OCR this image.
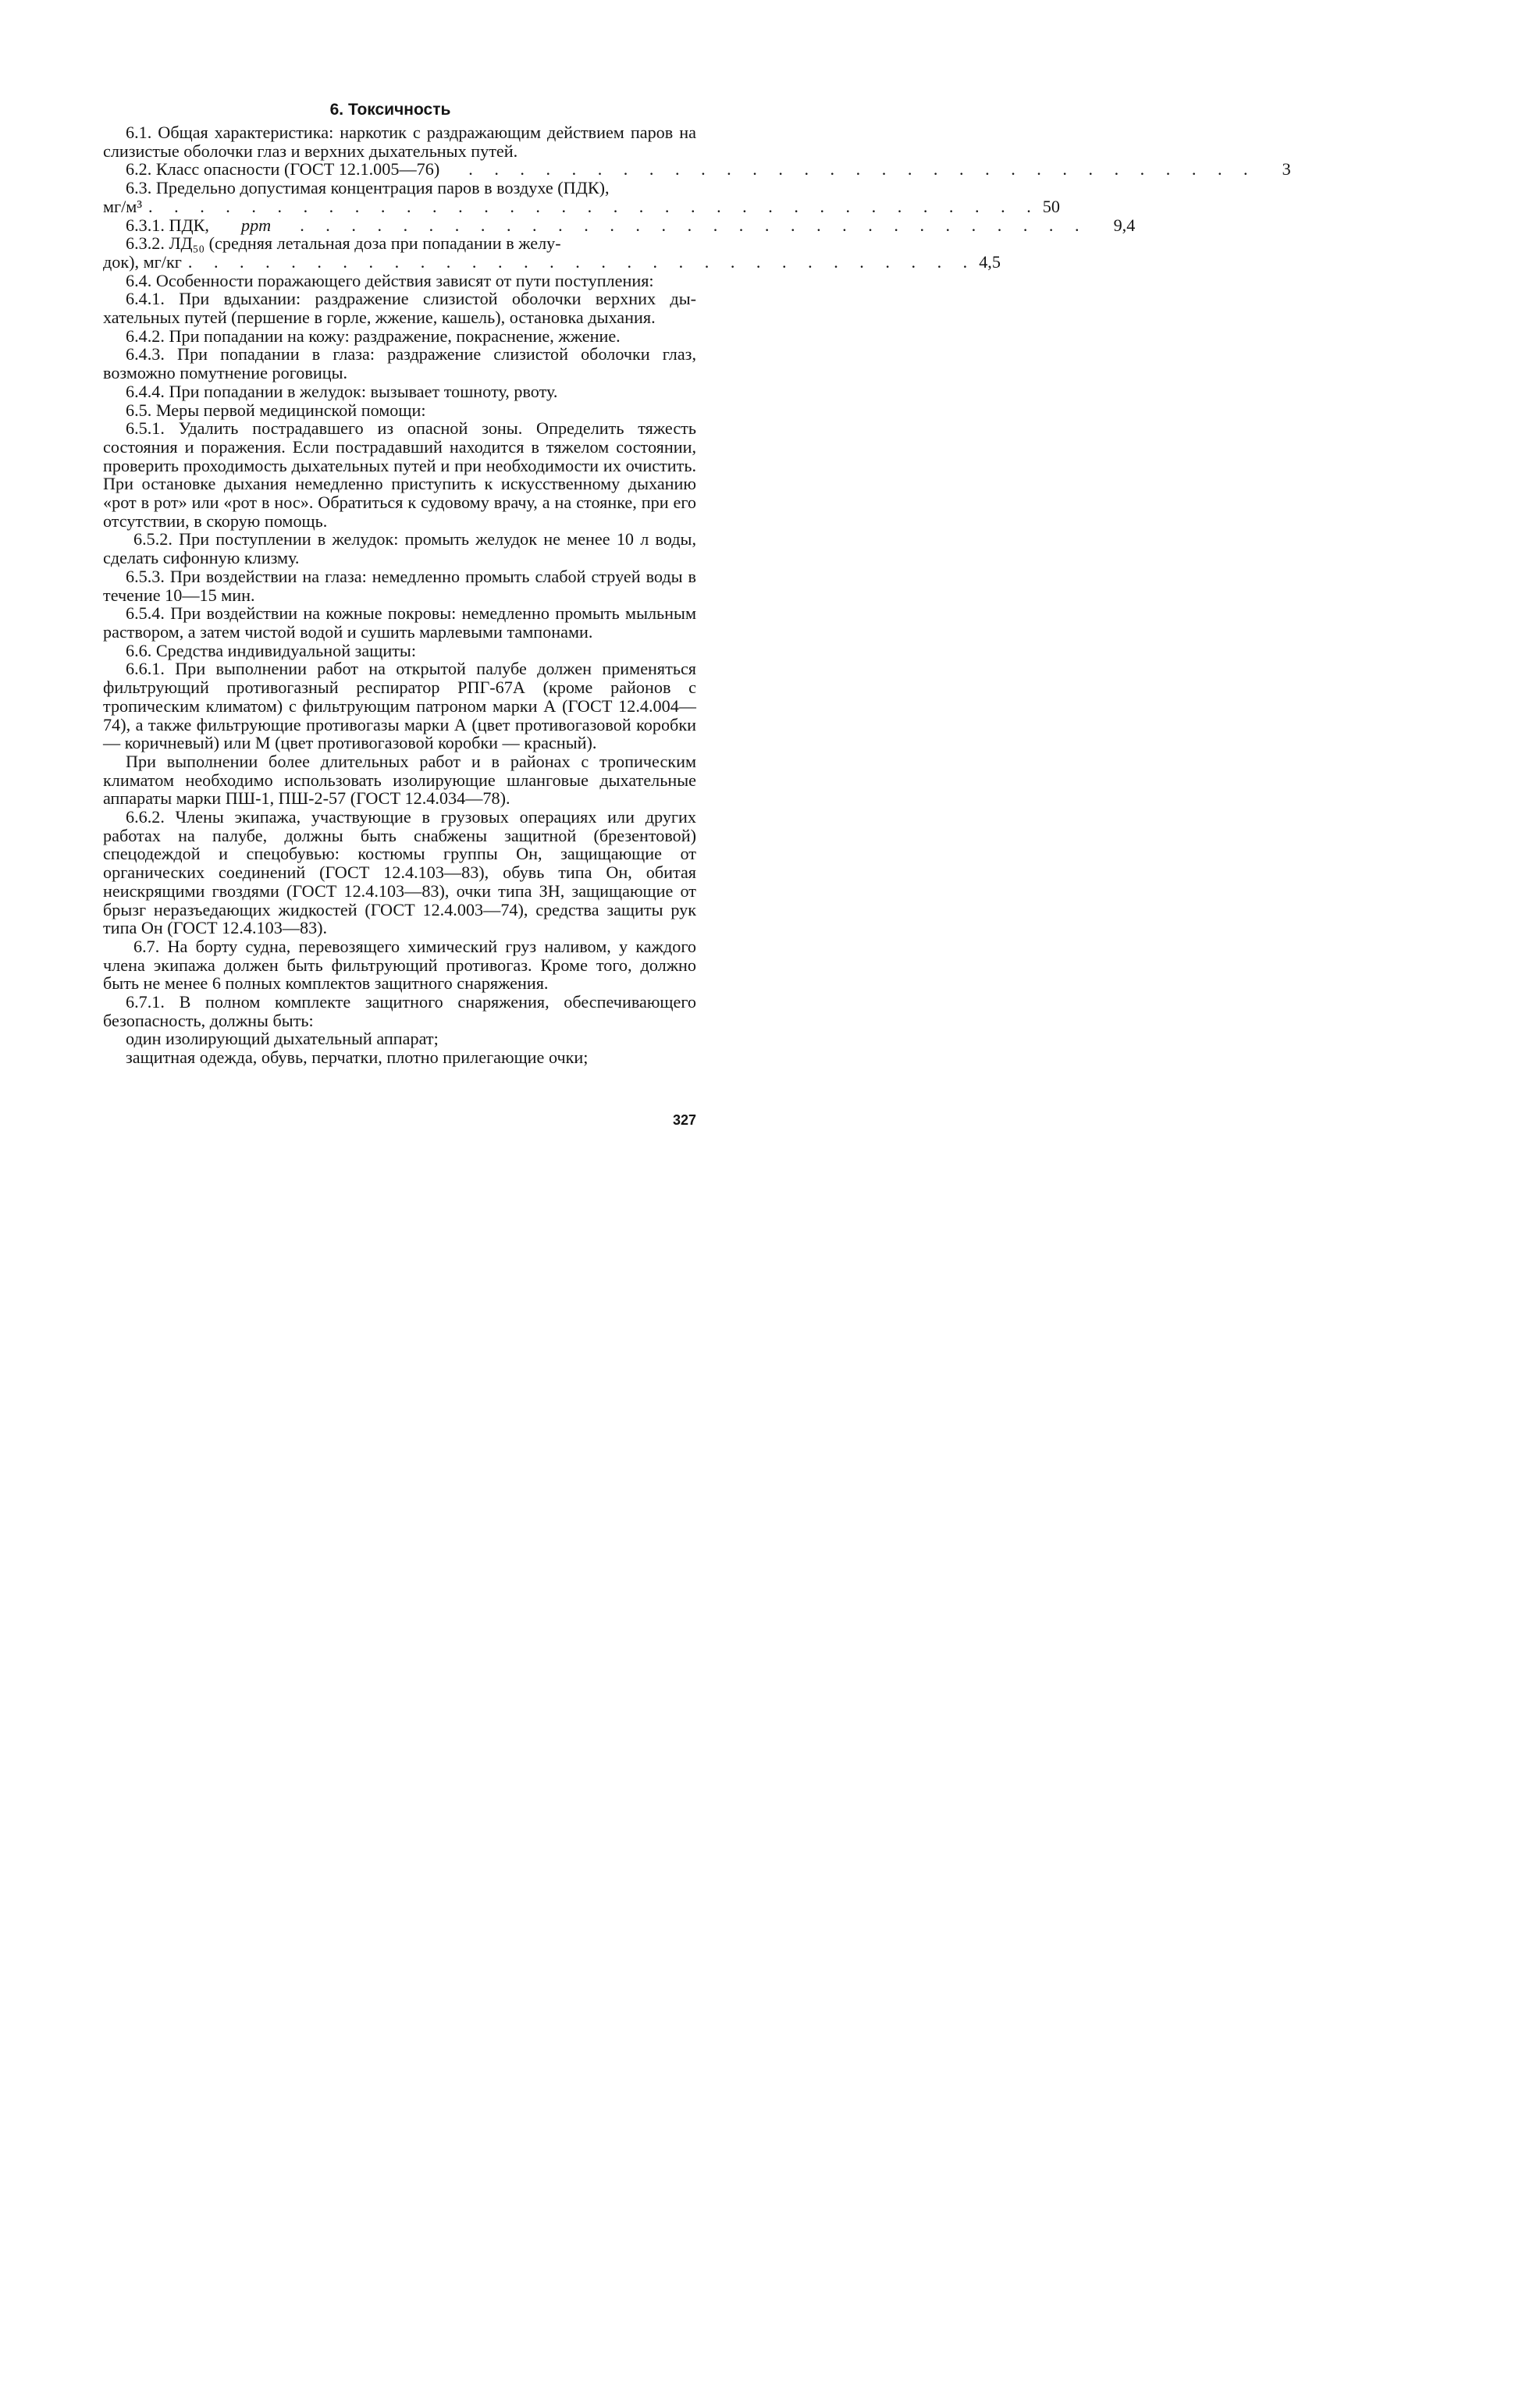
6. Токсичность

6.1. Общая характеристика: наркотик с раздражающим действием паров на слизистые оболочки глаз и верхних дыхательных путей.

6.2. Класс опасности (ГОСТ 12.1.005—76)	. . . . . . . . . . . . . . . . . . . . . . . . . . . . . . .	3

6.3. Предельно допустимая концентрация паров в воздухе (ПДК),

мг/м³ . . . . . . . . . . . . . . . . . . . . . . . . . . . . . . . . . . . 50
6.3.1. ПДК,	ppm	. . . . . . . . . . . . . . . . . . . . . . . . . . . . . . .	9,4

6.3.2. ЛД₅₀ (средняя летальная доза при попадании в желу-

док), мг/кг . . . . . . . . . . . . . . . . . . . . . . . . . . . . . . . 4,5

6.4. Особенности поражающего действия зависят от пути поступления:

6.4.1. При вдыхании: раздражение слизистой оболочки верхних дыхательных путей (першение в горле, жжение, кашель), остановка дыхания.

6.4.2. При попадании на кожу: раздражение, покраснение, жжение.

6.4.3. При попадании в глаза: раздражение слизистой оболочки глаз, возможно помутнение роговицы.

6.4.4. При попадании в желудок: вызывает тошноту, рвоту.

6.5. Меры первой медицинской помощи:

6.5.1. Удалить пострадавшего из опасной зоны. Определить тяжесть состояния и поражения. Если пострадавший находится в тяжелом состоянии, проверить проходимость дыхательных путей и при необходимости их очистить. При остановке дыхания немедленно приступить к искусственному дыханию «рот в рот» или «рот в нос». Обратиться к судовому врачу, а на стоянке, при его отсутствии, в скорую помощь.

6.5.2. При поступлении в желудок: промыть желудок не менее 10 л воды, сделать сифонную клизму.

6.5.3. При воздействии на глаза: немедленно промыть слабой струей воды в течение 10—15 мин.

6.5.4. При воздействии на кожные покровы: немедленно промыть мыльным раствором, а затем чистой водой и сушить марлевыми тампонами.

6.6. Средства индивидуальной защиты:

6.6.1. При выполнении работ на открытой палубе должен применяться фильтрующий противогазный респиратор РПГ-67А (кроме районов с тропическим климатом) с фильтрующим патроном марки А (ГОСТ 12.4.004—74), а также фильтрующие противогазы марки А (цвет противогазовой коробки — коричневый) или М (цвет противогазовой коробки — красный).

При выполнении более длительных работ и в районах с тропическим климатом необходимо использовать изолирующие шланговые дыхательные аппараты марки ПШ-1, ПШ-2-57 (ГОСТ 12.4.034—78).

6.6.2. Члены экипажа, участвующие в грузовых операциях или других работах на палубе, должны быть снабжены защитной (брезентовой) спецодеждой и спецобувью: костюмы группы Он, защищающие от органических соединений (ГОСТ 12.4.103—83), обувь типа Он, обитая неискрящими гвоздями (ГОСТ 12.4.103—83), очки типа ЗН, защищающие от брызг неразъедающих жидкостей (ГОСТ 12.4.003—74), средства защиты рук типа Он (ГОСТ 12.4.103—83).

6.7. На борту судна, перевозящего химический груз наливом, у каждого члена экипажа должен быть фильтрующий противогаз. Кроме того, должно быть не менее 6 полных комплектов защитного снаряжения.

6.7.1. В полном комплекте защитного снаряжения, обеспечивающего безопасность, должны быть:

один изолирующий дыхательный аппарат;

защитная одежда, обувь, перчатки, плотно прилегающие очки;

327
